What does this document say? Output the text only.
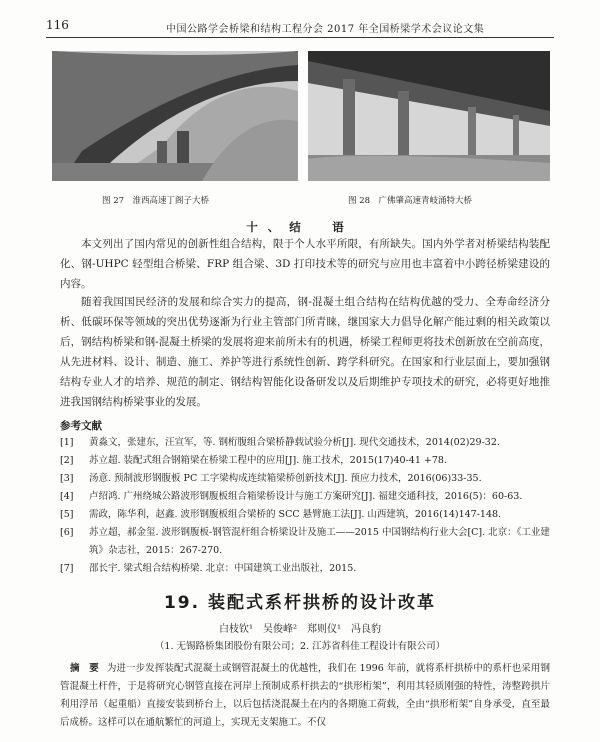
116	中国公路学会桥梁和结构工程分会 2017 年全国桥梁学术会议论文集
图 27　淮西高速丁阁子大桥	图 28　广佛肇高速青岐涌特大桥
十、结　语

本文列出了国内常见的创新性组合结构，限于个人水平所限，有所缺失。国内外学者对桥梁结构装配化、钢-UHPC 轻型组合桥梁、FRP 组合梁、3D 打印技术等的研究与应用也丰富着中小跨径桥梁建设的内容。

随着我国国民经济的发展和综合实力的提高，钢-混凝土组合结构在结构优越的受力、全寿命经济分析、低碳环保等领域的突出优势逐渐为行业主管部门所青睐，继国家大力倡导化解产能过剩的相关政策以后，钢结构桥梁和钢-混凝土桥梁的发展将迎来前所未有的机遇，桥梁工程师更将技术创新放在空前高度，从先进材料、设计、制造、施工、养护等进行系统性创新、跨学科研究。在国家和行业层面上，要加强钢结构专业人才的培养、规范的制定、钢结构智能化设备研发以及后期维护专项技术的研究，必将更好地推进我国钢结构桥梁事业的发展。

参考文献
[1] 黄淼文，张建东，汪宣军，等. 钢桁腹组合梁桥静载试验分析[J]. 现代交通技术，2014(02)29-32.
[2] 苏立超. 装配式组合钢箱梁在桥梁工程中的应用[J]. 施工技术，2015(17)40-41 +78.
[3] 汤意. 预制波形钢腹板 PC 工字梁构成连续箱梁桥创新技术[J]. 预应力技术，2016(06)33-35.
[4] 卢绍鸿. 广州绕城公路波形钢腹板组合箱梁桥设计与施工方案研究[J]. 福建交通科技，2016(5)：60-63.
[5] 需政，陈华利，赵鑫. 波形钢腹板组合梁桥的 SCC 悬臂施工法[J]. 山西建筑，2016(14)147-148.
[6] 苏立超，郝金玺. 波形钢腹板-钢管混杆组合桥梁设计及施工——2015 中国钢结构行业大会[C]. 北京：《工业建筑》杂志社，2015：267-270.
[7] 邵长宇. 梁式组合结构桥梁. 北京：中国建筑工业出版社，2015.
19. 装配式系杆拱桥的设计改革
白枝钦¹　吴俊峰²　郑则仪¹　冯良豹
（1. 无锡路桥集团股份有限公司；2. 江苏省科佳工程设计有限公司）

摘　要 为进一步发挥装配式混凝土或钢管混凝土的优越性，我们在 1996 年前，就将系杆拱桥中的系杆也采用钢管混凝土杆件，于是将研究心钢管直接在河岸上预制成系杆拱去的“拱形桁架”，利用其轻质刚强的特性，涛整跨拱片利用浮吊（起重船）直接安装到桥台上，以后包括浇混凝土在内的各期施工荷载，全由“拱形桁架”自身承受，直至最后成桥。这样可以在通航繁忙的河道上，实现无支架施工。不仅
